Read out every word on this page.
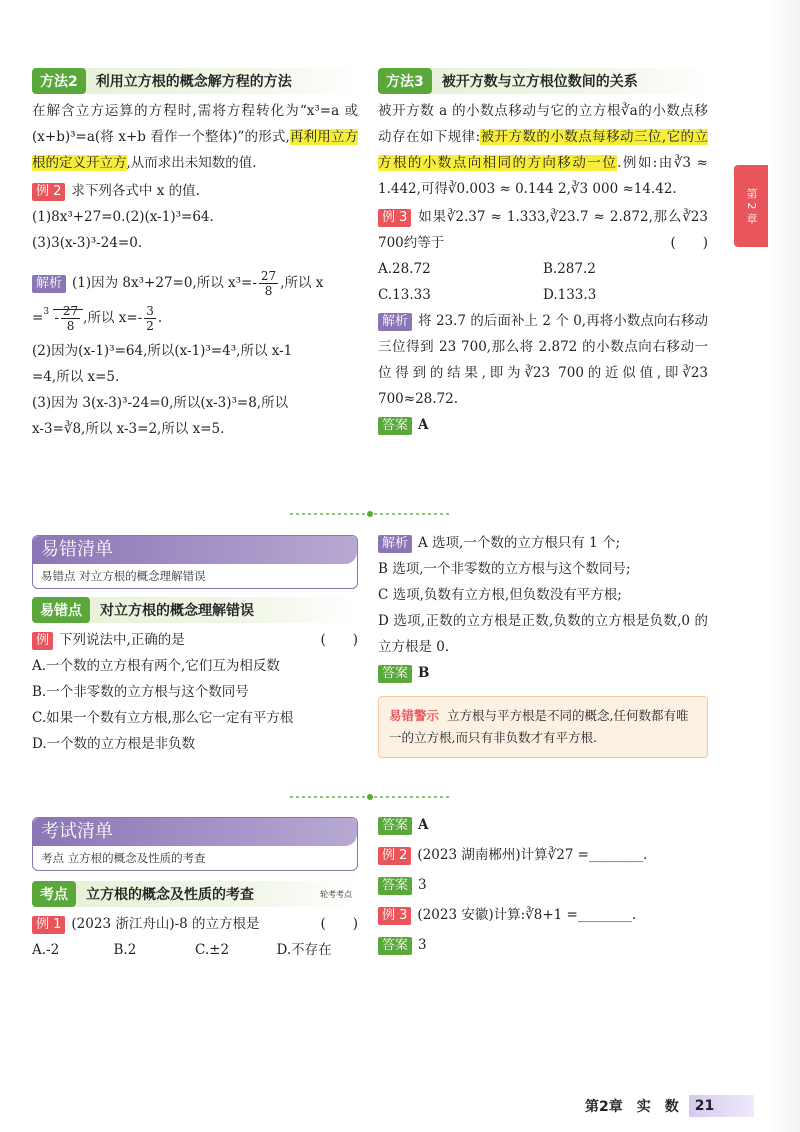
方法2	利用立方根的概念解方程的方法

在解含立方运算的方程时,需将方程转化为“x³=a 或(x+b)³=a(将 x+b 看作一个整体)”的形式,再利用立方根的定义开立方,从而求出未知数的值.

例 2 求下列各式中 x 的值.
(1)8x³+27=0.(2)(x-1)³=64.
(3)3(x-3)³-24=0.
解析 (1)因为 8x³+27=0,所以 $x^3=- \frac{27}{8}$ ,所以 x
= $3 - \frac{27}{8}$ ,所以 $x=- \frac{3}{2}$ .
(2)因为(x-1)³=64,所以(x-1)³=4³,所以 x-1
=4,所以 x=5.
(3)因为 3(x-3)³-24=0,所以(x-3)³=8,所以
x-3=∛8,所以 x-3=2,所以 x=5.
方法3	被开方数与立方根位数间的关系

被开方数 a 的小数点移动与它的立方根∛a的小数点移动存在如下规律:被开方数的小数点每移动三位,它的立方根的小数点向相同的方向移动一位.例如:由∛3 ≈ 1.442,可得∛0.003 ≈ 0.144 2,∛3 000 ≈14.42.

例 3 如果∛2.37 ≈ 1.333,∛23.7 ≈ 2.872,那么∛23 700约等于	(　　)

A.28.72	B.287.2
C.13.33	D.133.3

解析 将 23.7 的后面补上 2 个 0,再将小数点向右移动三位得到 23 700,那么将 2.872 的小数点向右移动一位得到的结果,即为∛23 700的近似值,即∛23 700≈28.72.

答案 A
易错清单
易错点 对立方根的概念理解错误
易错点	对立方根的概念理解错误
例 下列说法中,正确的是	(　　)
A.一个数的立方根有两个,它们互为相反数
B.一个非零数的立方根与这个数同号
C.如果一个数有立方根,那么它一定有平方根
D.一个数的立方根是非负数
解析 A 选项,一个数的立方根只有 1 个;
B 选项,一个非零数的立方根与这个数同号;
C 选项,负数有立方根,但负数没有平方根;

D 选项,正数的立方根是正数,负数的立方根是负数,0 的立方根是 0.

答案 B
易错警示 立方根与平方根是不同的概念,任何数都有唯一的立方根,而只有非负数才有平方根.
考试清单
考点 立方根的概念及性质的考查
考点	立方根的概念及性质的考查	轮考考点
例 1 (2023 浙江舟山)-8 的立方根是	(　　)
A.-2	B.2	C.±2	D.不存在
答案 A
例 2 (2023 湖南郴州)计算∛27 =________.
答案 3
例 3 (2023 安徽)计算:∛8+1 =________.
答案 3
第 2 章
第2章　实　数	21
